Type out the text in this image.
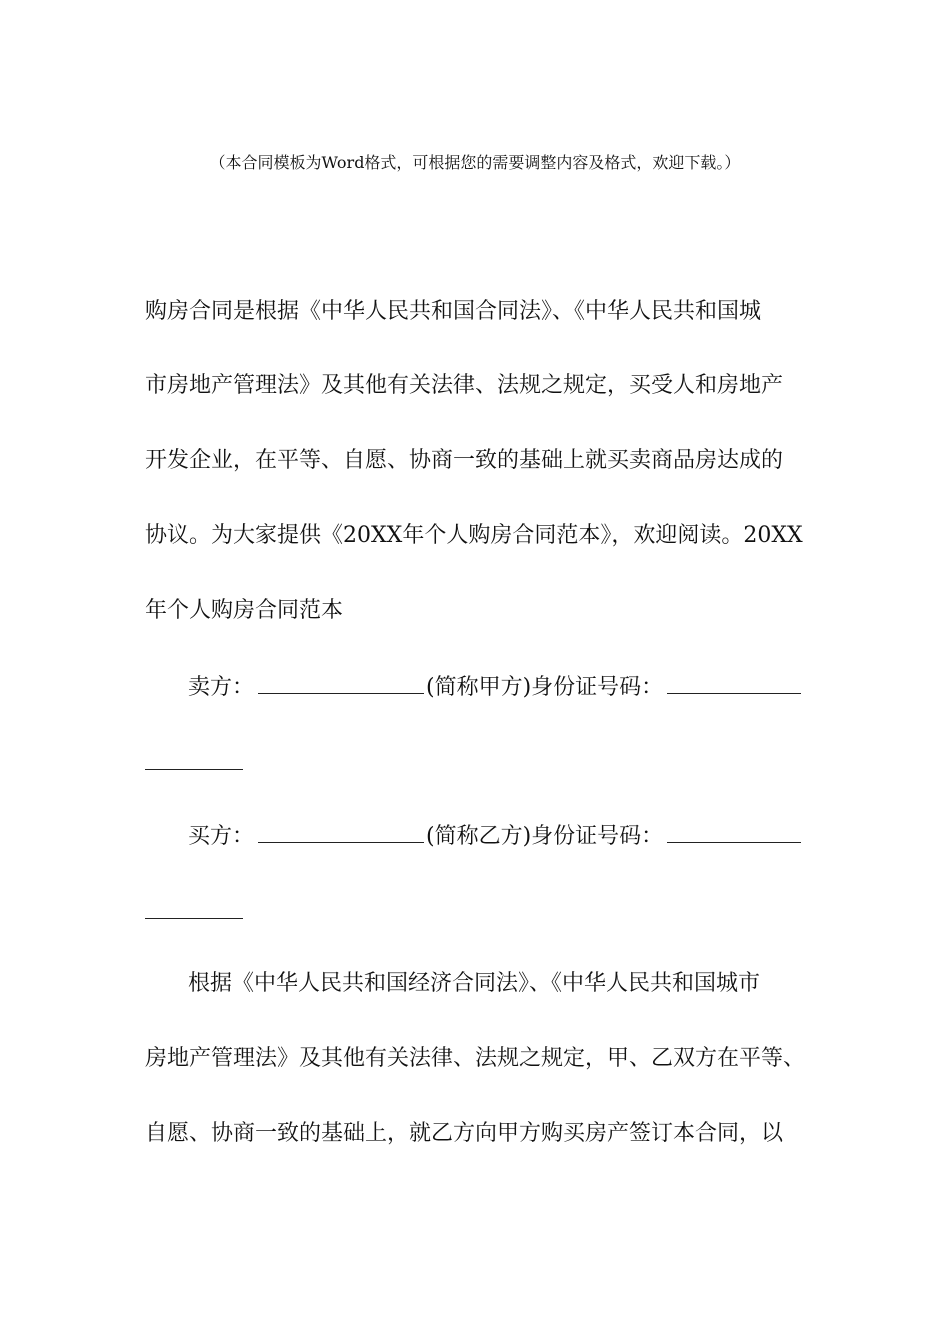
（本合同模板为Word格式，可根据您的需要调整内容及格式，欢迎下载。）
购房合同是根据《中华人民共和国合同法》、《中华人民共和国城
市房地产管理法》及其他有关法律、法规之规定，买受人和房地产
开发企业，在平等、自愿、协商一致的基础上就买卖商品房达成的
协议。为大家提供《20XX年个人购房合同范本》，欢迎阅读。20XX
年个人购房合同范本
卖方：	(简称甲方)身份证号码：
买方：	(简称乙方)身份证号码：
根据《中华人民共和国经济合同法》、《中华人民共和国城市
房地产管理法》及其他有关法律、法规之规定，甲、乙双方在平等、
自愿、协商一致的基础上，就乙方向甲方购买房产签订本合同，以
